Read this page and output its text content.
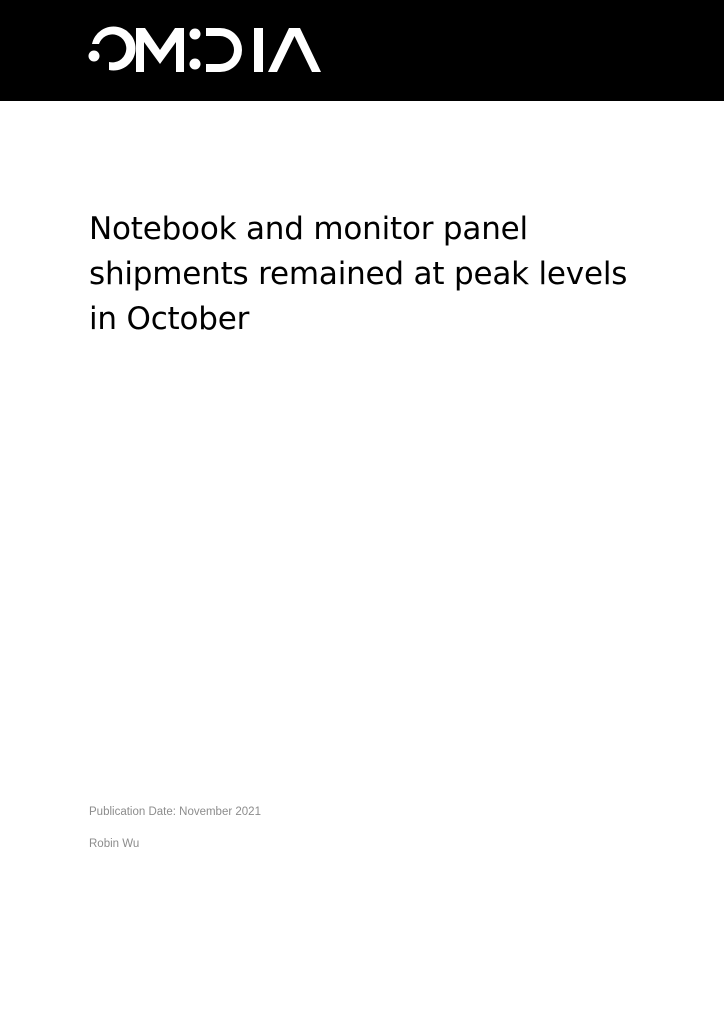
Notebook and monitor panel
shipments remained at peak levels
in October
Publication Date: November 2021
Robin Wu
